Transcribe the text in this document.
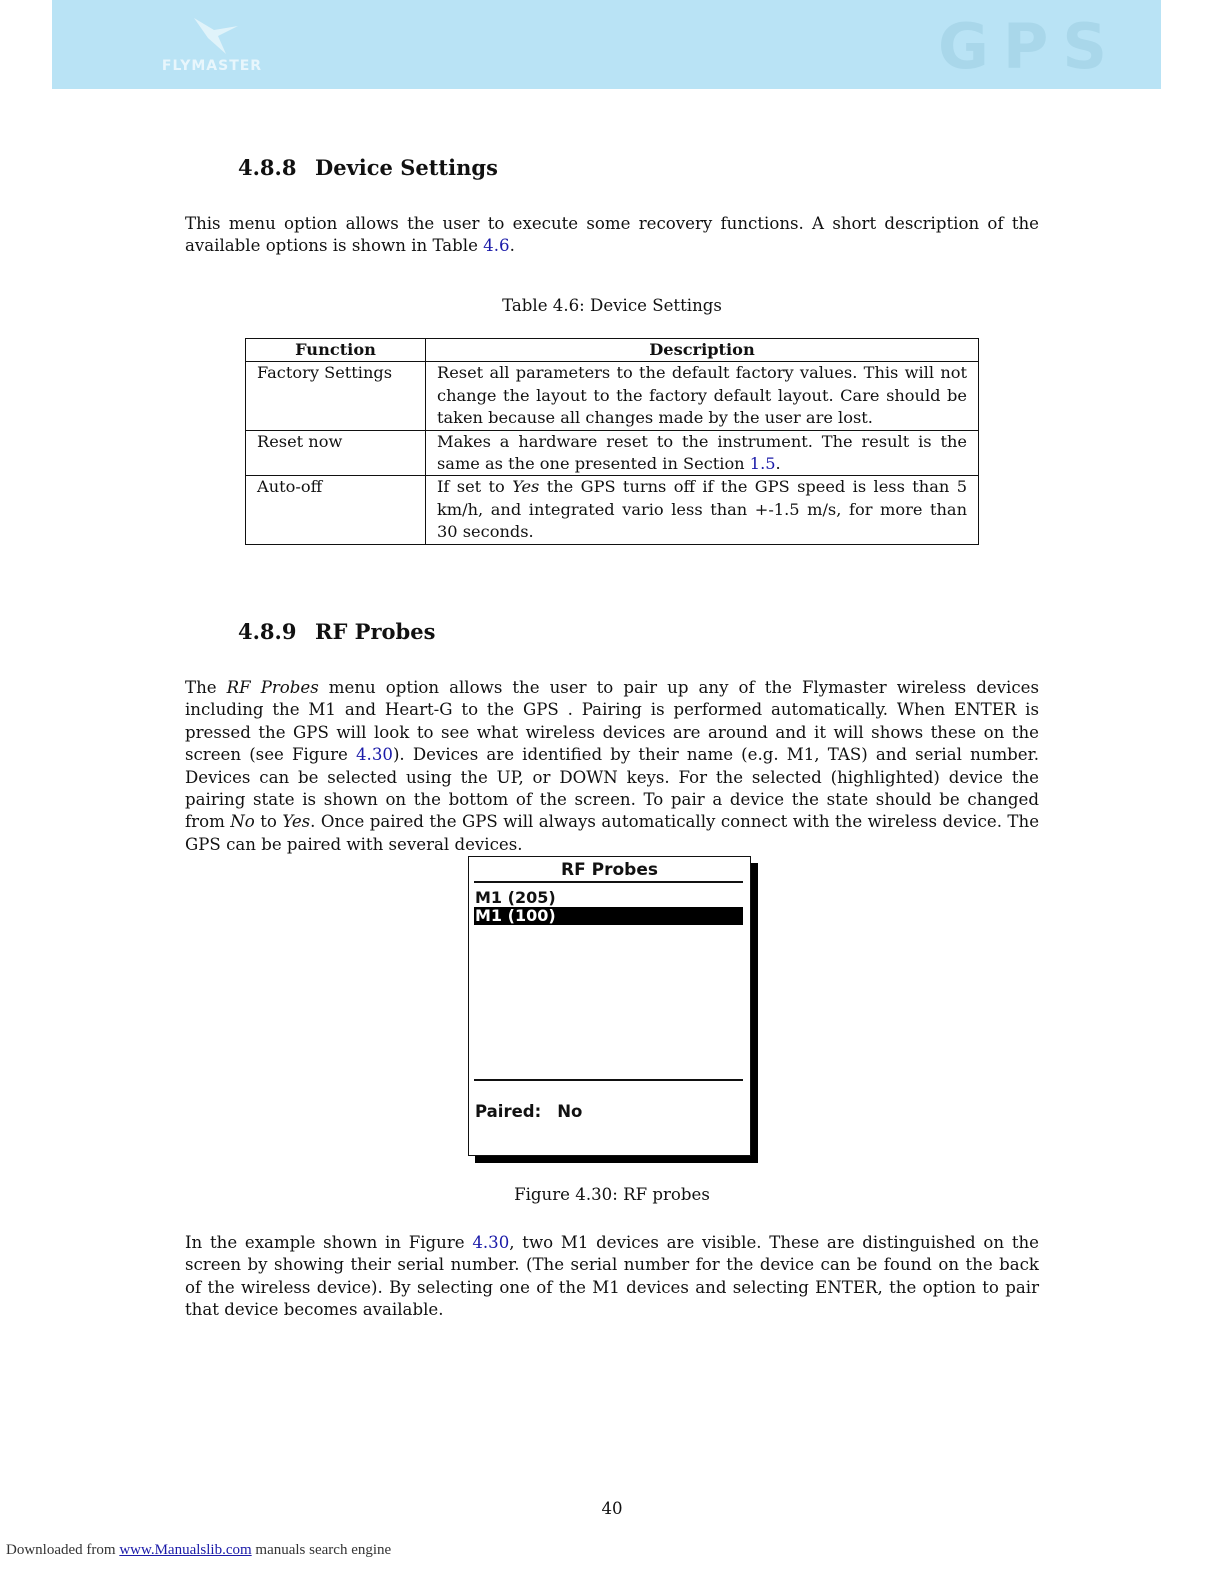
FLYMASTER	GPS
4.8.8 Device Settings

This menu option allows the user to execute some recovery functions. A short description of the available options is shown in Table 4.6.

Table 4.6: Device Settings

Function	Description
Factory Settings	Reset all parameters to the default factory values. This will not change the layout to the factory default layout. Care should be taken because all changes made by the user are lost.
Reset now	Makes a hardware reset to the instrument. The result is the same as the one presented in Section 1.5.
Auto-off	If set to Yes the GPS turns off if the GPS speed is less than 5 km/h, and integrated vario less than +-1.5 m/s, for more than 30 seconds.
4.8.9 RF Probes

The RF Probes menu option allows the user to pair up any of the Flymaster wireless devices including the M1 and Heart-G to the GPS . Pairing is performed automatically. When ENTER is pressed the GPS will look to see what wireless devices are around and it will shows these on the screen (see Figure 4.30). Devices are identified by their name (e.g. M1, TAS) and serial number. Devices can be selected using the UP, or DOWN keys. For the selected (highlighted) device the pairing state is shown on the bottom of the screen. To pair a device the state should be changed from No to Yes. Once paired the GPS will always automatically connect with the wireless device. The GPS can be paired with several devices.

RF Probes
M1 (205)
M1 (100)
Paired: No

Figure 4.30: RF probes

In the example shown in Figure 4.30, two M1 devices are visible. These are distinguished on the screen by showing their serial number. (The serial number for the device can be found on the back of the wireless device). By selecting one of the M1 devices and selecting ENTER, the option to pair that device becomes available.

40
Downloaded from www.Manualslib.com manuals search engine
